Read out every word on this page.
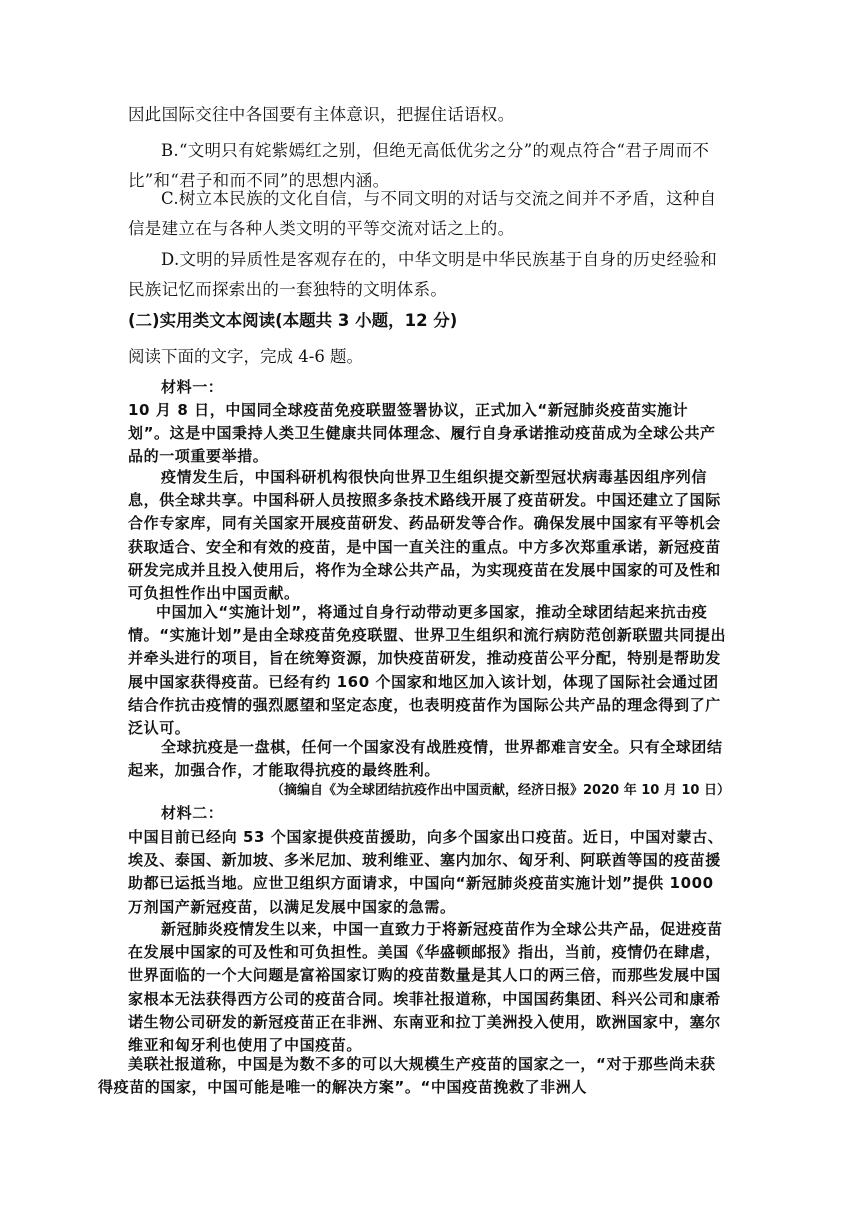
因此国际交往中各国要有主体意识，把握住话语权。

B.“文明只有姹紫嫣红之别，但绝无高低优劣之分”的观点符合“君子周而不比”和“君子和而不同”的思想内涵。

C.树立本民族的文化自信，与不同文明的对话与交流之间并不矛盾，这种自信是建立在与各种人类文明的平等交流对话之上的。

D.文明的异质性是客观存在的，中华文明是中华民族基于自身的历史经验和民族记忆而探索出的一套独特的文明体系。

(二)实用类文本阅读(本题共 3 小题，12 分)

阅读下面的文字，完成 4-6 题。

材料一：

10 月 8 日，中国同全球疫苗免疫联盟签署协议，正式加入“新冠肺炎疫苗实施计划”。这是中国秉持人类卫生健康共同体理念、履行自身承诺推动疫苗成为全球公共产品的一项重要举措。

疫情发生后，中国科研机构很快向世界卫生组织提交新型冠状病毒基因组序列信息，供全球共享。中国科研人员按照多条技术路线开展了疫苗研发。中国还建立了国际合作专家库，同有关国家开展疫苗研发、药品研发等合作。确保发展中国家有平等机会获取适合、安全和有效的疫苗，是中国一直关注的重点。中方多次郑重承诺，新冠疫苗研发完成并且投入使用后，将作为全球公共产品，为实现疫苗在发展中国家的可及性和可负担性作出中国贡献。

中国加入“实施计划”，将通过自身行动带动更多国家，推动全球团结起来抗击疫情。“实施计划”是由全球疫苗免疫联盟、世界卫生组织和流行病防范创新联盟共同提出并牵头进行的项目，旨在统筹资源，加快疫苗研发，推动疫苗公平分配，特别是帮助发展中国家获得疫苗。已经有约 160 个国家和地区加入该计划，体现了国际社会通过团结合作抗击疫情的强烈愿望和坚定态度，也表明疫苗作为国际公共产品的理念得到了广泛认可。

全球抗疫是一盘棋，任何一个国家没有战胜疫情，世界都难言安全。只有全球团结起来，加强合作，才能取得抗疫的最终胜利。

（摘编自《为全球团结抗疫作出中国贡献，经济日报》2020 年 10 月 10 日）

材料二：

中国目前已经向 53 个国家提供疫苗援助，向多个国家出口疫苗。近日，中国对蒙古、埃及、泰国、新加坡、多米尼加、玻利维亚、塞内加尔、匈牙利、阿联酋等国的疫苗援助都已运抵当地。应世卫组织方面请求，中国向“新冠肺炎疫苗实施计划”提供 1000 万剂国产新冠疫苗，以满足发展中国家的急需。

新冠肺炎疫情发生以来，中国一直致力于将新冠疫苗作为全球公共产品，促进疫苗在发展中国家的可及性和可负担性。美国《华盛顿邮报》指出，当前，疫情仍在肆虐，世界面临的一个大问题是富裕国家订购的疫苗数量是其人口的两三倍，而那些发展中国家根本无法获得西方公司的疫苗合同。埃菲社报道称，中国国药集团、科兴公司和康希诺生物公司研发的新冠疫苗正在非洲、东南亚和拉丁美洲投入使用，欧洲国家中，塞尔维亚和匈牙利也使用了中国疫苗。

美联社报道称，中国是为数不多的可以大规模生产疫苗的国家之一，“对于那些尚未获得疫苗的国家，中国可能是唯一的解决方案”。“中国疫苗挽救了非洲人
